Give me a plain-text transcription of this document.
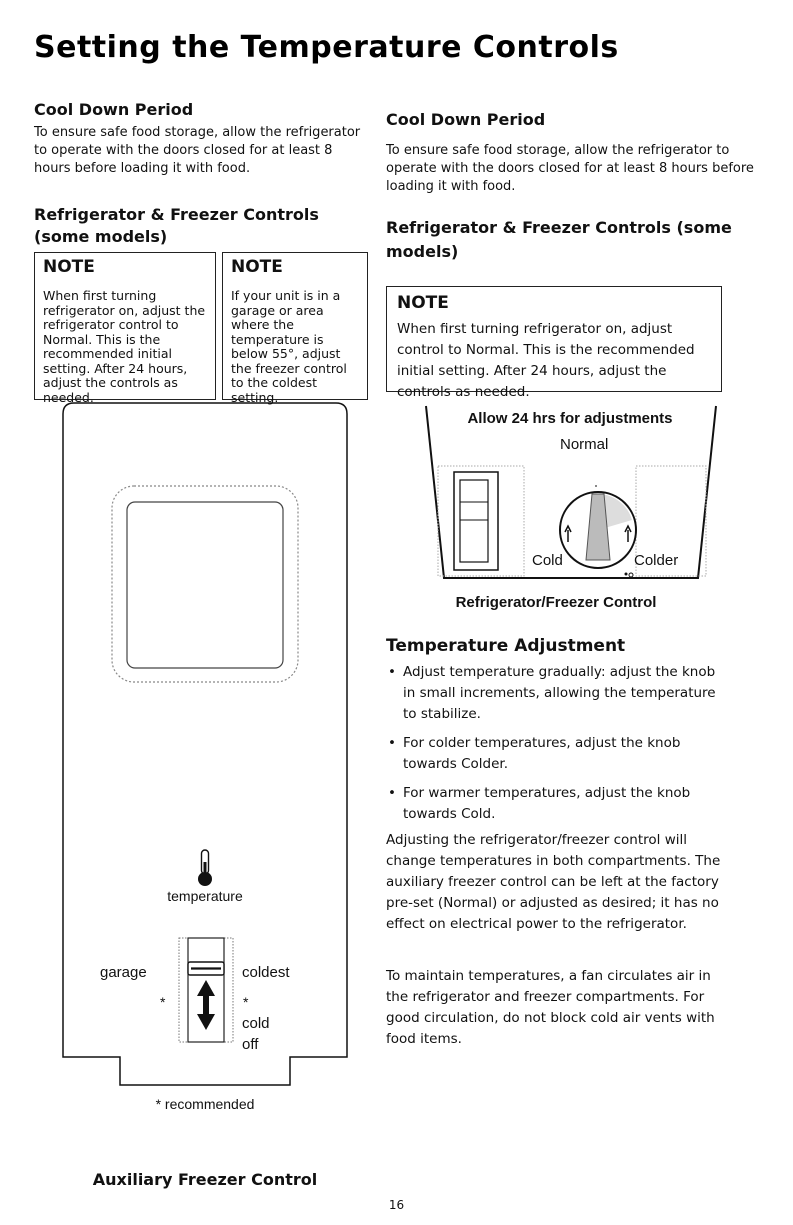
Setting the Temperature Controls
Cool Down Period

To ensure safe food storage, allow the refrigerator to operate with the doors closed for at least 8 hours before loading it with food.

Refrigerator & Freezer Controls (some models)
NOTE
When first turning refrigerator on, adjust the refrigerator control to Normal. This is the recommended initial setting. After 24 hours, adjust the controls as needed.
NOTE
If your unit is in a garage or area where the temperature is below 55°, adjust the freezer control to the coldest setting.
temperature
garage	coldest
*	*
cold
off
* recommended
Auxiliary Freezer Control
Cool Down Period

To ensure safe food storage, allow the refrigerator to operate with the doors closed for at least 8 hours before loading it with food.

Refrigerator & Freezer Controls (some models)
NOTE
When first turning refrigerator on, adjust control to Normal. This is the recommended initial setting. After 24 hours, adjust the controls as needed.
Allow 24 hrs for adjustments
Normal
Cold	Colder
Refrigerator/Freezer Control
Temperature Adjustment
• Adjust temperature gradually: adjust the knob in small increments, allowing the temperature to stabilize.
• For colder temperatures, adjust the knob towards Colder.
• For warmer temperatures, adjust the knob towards Cold.

Adjusting the refrigerator/freezer control will change temperatures in both compartments. The auxiliary freezer control can be left at the factory pre-set (Normal) or adjusted as desired; it has no effect on electrical power to the refrigerator.

To maintain temperatures, a fan circulates air in the refrigerator and freezer compartments. For good circulation, do not block cold air vents with food items.

16
